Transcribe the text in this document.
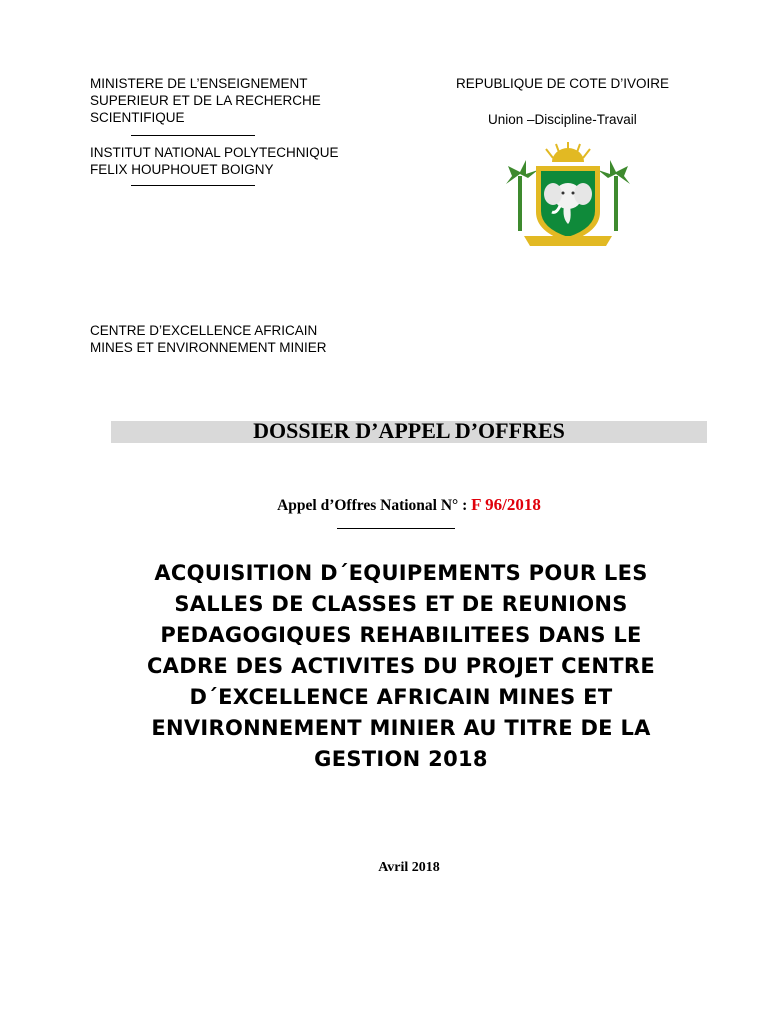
MINISTERE DE L’ENSEIGNEMENT
SUPERIEUR ET DE LA RECHERCHE
SCIENTIFIQUE
INSTITUT NATIONAL POLYTECHNIQUE
FELIX HOUPHOUET BOIGNY
CENTRE D’EXCELLENCE AFRICAIN
MINES ET ENVIRONNEMENT MINIER
REPUBLIQUE DE COTE D’IVOIRE
Union –Discipline-Travail
DOSSIER D’APPEL D’OFFRES
Appel d’Offres National N° : F 96/2018
ACQUISITION D´EQUIPEMENTS POUR LES
SALLES DE CLASSES ET DE REUNIONS
PEDAGOGIQUES REHABILITEES DANS LE
CADRE DES ACTIVITES DU PROJET CENTRE
D´EXCELLENCE AFRICAIN MINES ET
ENVIRONNEMENT MINIER AU TITRE DE LA
GESTION 2018
Avril 2018
